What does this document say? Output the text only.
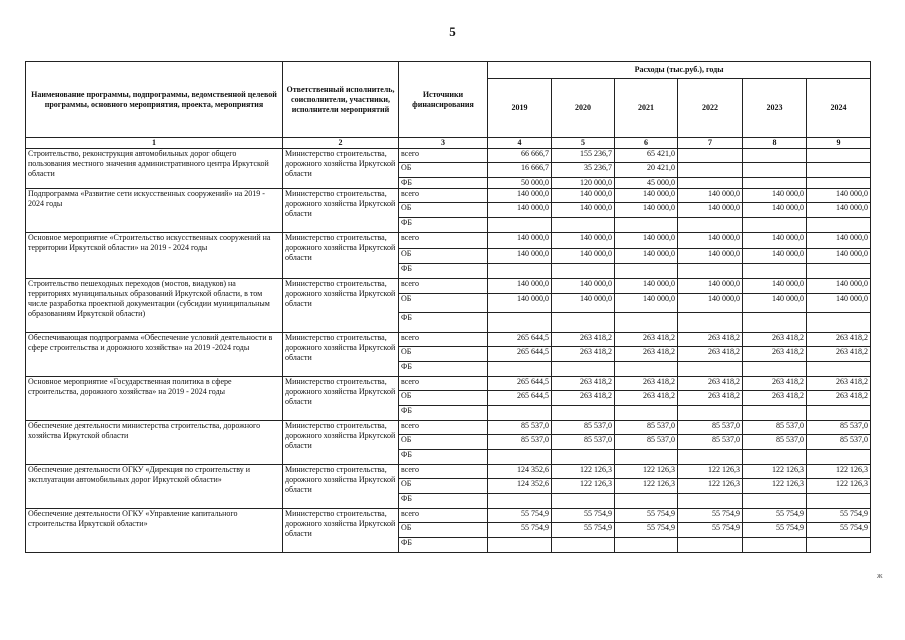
5
Наименование программы, подпрограммы, ведомственной целевой программы, основного мероприятия, проекта, мероприятия	Ответственный исполнитель, соисполнители, участники, исполнители мероприятий	Источники финансирования	Расходы (тыс.руб.), годы					
			2019	2020	2021	2022	2023	2024
1	2	3	4	5	6	7	8	9
Строительство, реконструкция автомобильных дорог общего пользования местного значения административного центра Иркутской области	Министерство строительства, дорожного хозяйства Иркутской области	всего	66 666,7	155 236,7	65 421,0			
		ОБ	16 666,7	35 236,7	20 421,0			
		ФБ	50 000,0	120 000,0	45 000,0			
Подпрограмма «Развитие сети искусственных сооружений» на 2019 - 2024 годы	Министерство строительства, дорожного хозяйства Иркутской области	всего	140 000,0	140 000,0	140 000,0	140 000,0	140 000,0	140 000,0
		ОБ	140 000,0	140 000,0	140 000,0	140 000,0	140 000,0	140 000,0
		ФБ						
Основное мероприятие «Строительство искусственных сооружений на территории Иркутской области» на 2019 - 2024 годы	Министерство строительства, дорожного хозяйства Иркутской области	всего	140 000,0	140 000,0	140 000,0	140 000,0	140 000,0	140 000,0
		ОБ	140 000,0	140 000,0	140 000,0	140 000,0	140 000,0	140 000,0
		ФБ						
Строительство пешеходных переходов (мостов, виадуков) на территориях муниципальных образований Иркутской области, в том числе разработка проектной документации (субсидии муниципальным образованиям Иркутской области)	Министерство строительства, дорожного хозяйства Иркутской области	всего	140 000,0	140 000,0	140 000,0	140 000,0	140 000,0	140 000,0
		ОБ	140 000,0	140 000,0	140 000,0	140 000,0	140 000,0	140 000,0
		ФБ						
Обеспечивающая подпрограмма «Обеспечение условий деятельности в сфере строительства и дорожного хозяйства» на 2019 -2024 годы	Министерство строительства, дорожного хозяйства Иркутской области	всего	265 644,5	263 418,2	263 418,2	263 418,2	263 418,2	263 418,2
		ОБ	265 644,5	263 418,2	263 418,2	263 418,2	263 418,2	263 418,2
		ФБ						
Основное мероприятие «Государственная политика в сфере строительства, дорожного хозяйства» на 2019 - 2024 годы	Министерство строительства, дорожного хозяйства Иркутской области	всего	265 644,5	263 418,2	263 418,2	263 418,2	263 418,2	263 418,2
		ОБ	265 644,5	263 418,2	263 418,2	263 418,2	263 418,2	263 418,2
		ФБ						
Обеспечение деятельности министерства строительства, дорожного хозяйства Иркутской области	Министерство строительства, дорожного хозяйства Иркутской области	всего	85 537,0	85 537,0	85 537,0	85 537,0	85 537,0	85 537,0
		ОБ	85 537,0	85 537,0	85 537,0	85 537,0	85 537,0	85 537,0
		ФБ						
Обеспечение деятельности ОГКУ «Дирекция по строительству и эксплуатации автомобильных дорог Иркутской области»	Министерство строительства, дорожного хозяйства Иркутской области	всего	124 352,6	122 126,3	122 126,3	122 126,3	122 126,3	122 126,3
		ОБ	124 352,6	122 126,3	122 126,3	122 126,3	122 126,3	122 126,3
		ФБ						
Обеспечение деятельности ОГКУ «Управление капитального строительства Иркутской области»	Министерство строительства, дорожного хозяйства Иркутской области	всего	55 754,9	55 754,9	55 754,9	55 754,9	55 754,9	55 754,9
		ОБ	55 754,9	55 754,9	55 754,9	55 754,9	55 754,9	55 754,9
		ФБ						
ж
